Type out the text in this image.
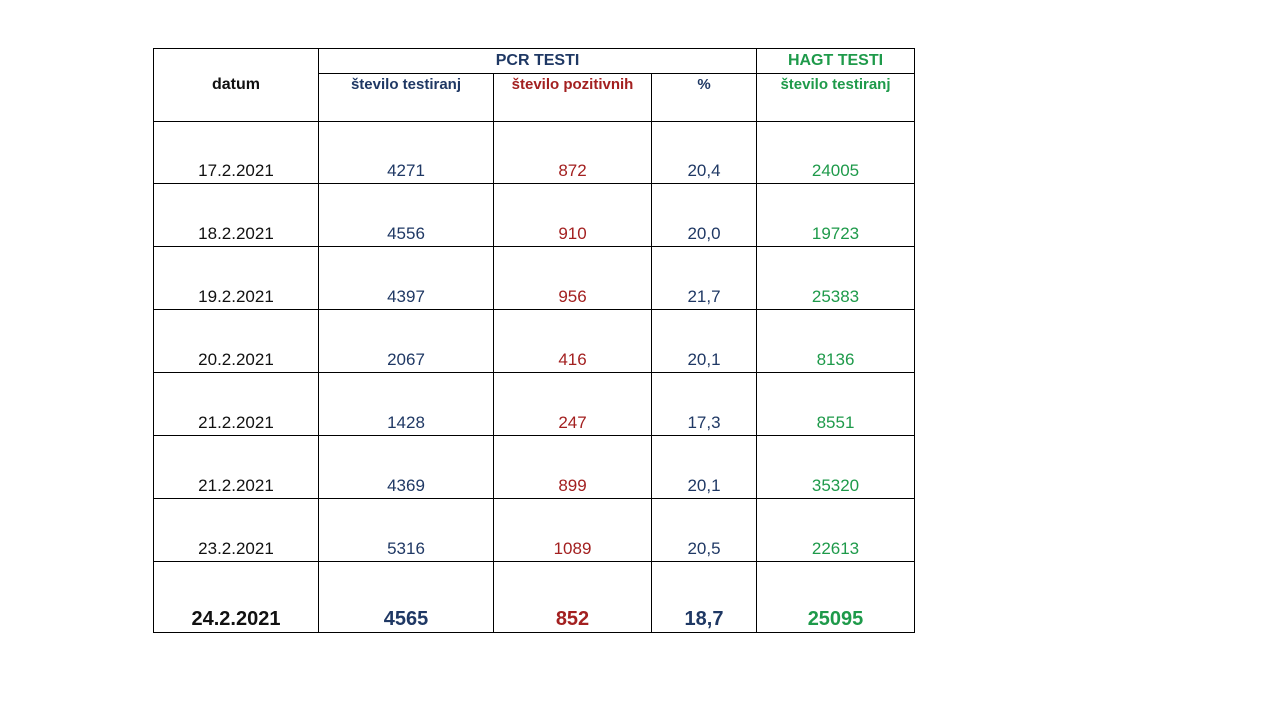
datum	PCR TESTI			HAGT TESTI
	število testiranj	število pozitivnih	%	število testiranj
17.2.2021	4271	872	20,4	24005
18.2.2021	4556	910	20,0	19723
19.2.2021	4397	956	21,7	25383
20.2.2021	2067	416	20,1	8136
21.2.2021	1428	247	17,3	8551
21.2.2021	4369	899	20,1	35320
23.2.2021	5316	1089	20,5	22613
24.2.2021	4565	852	18,7	25095
